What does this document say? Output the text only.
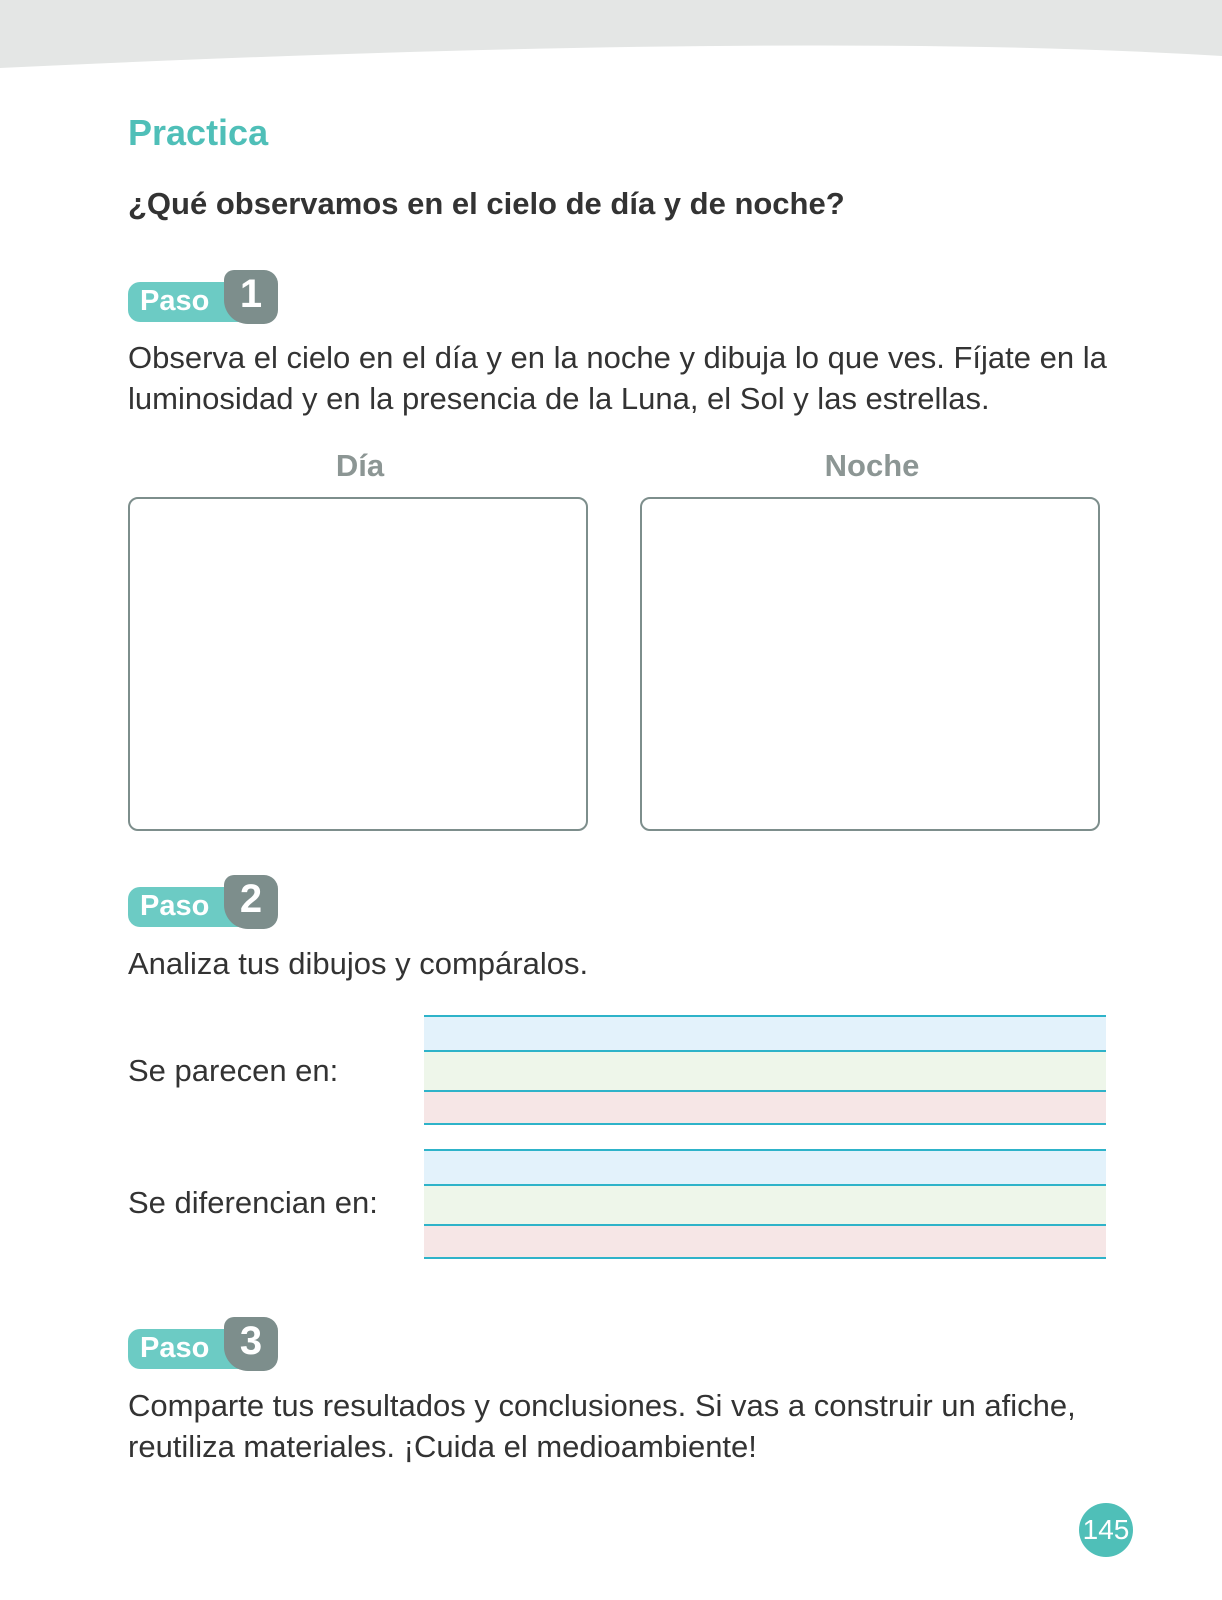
Practica
¿Qué observamos en el cielo de día y de noche?
Paso 1

Observa el cielo en el día y en la noche y dibuja lo que ves. Fíjate en la luminosidad y en la presencia de la Luna, el Sol y las estrellas.

Día	Noche
Paso 2

Analiza tus dibujos y compáralos.

Se parecen en:
Se diferencian en:
Paso 3

Comparte tus resultados y conclusiones. Si vas a construir un afiche, reutiliza materiales. ¡Cuida el medioambiente!

145
